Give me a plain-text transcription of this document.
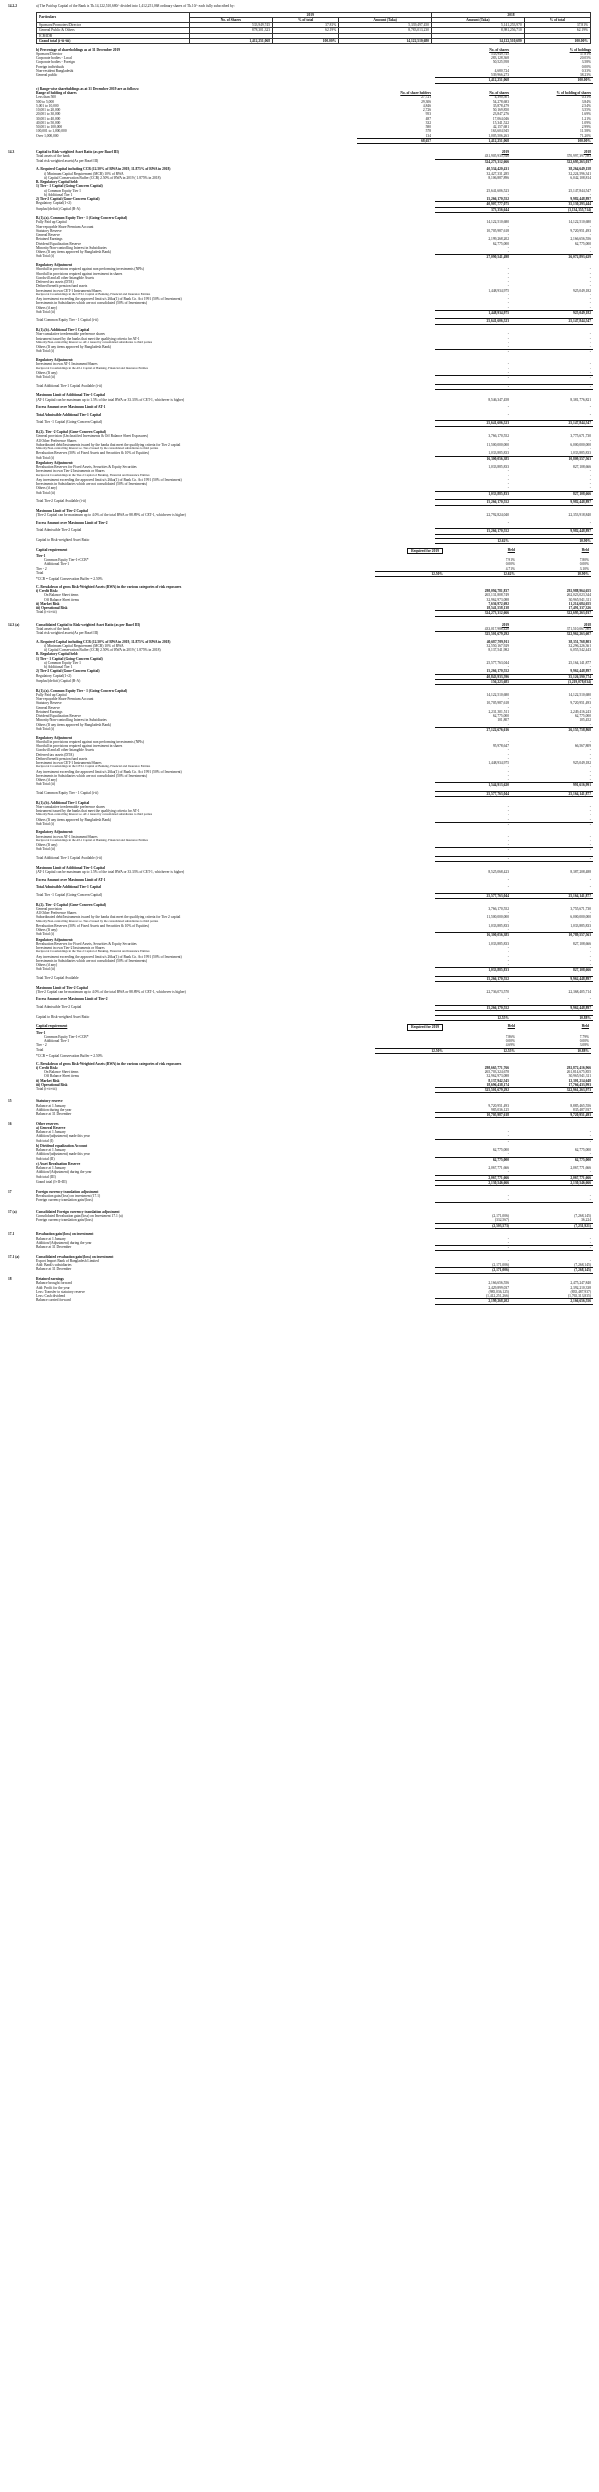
14.2.2	a) The Paid up Capital of the Bank is Tk.14,122,510,680/- divided into 1,412,251,068 ordinary shares of Tk.10/- each fully subscribed by:
Particulars	2019			2018	
	No. of Shares	% of total	Amount (Taka)	Amount (Taka)	% of total
Sponsors/Promoters/Director	533,949,745	37.81%	5,339,497,450	5,141,253,970	37.81%
General Public & Others	878,301,323	62.19%	8,783,013,230	8,981,256,710	62.19%
ICB/IDB					
Grand total (i+ii+iii)	1,412,251,068	100.00%	14,122,510,680	14,122,510,680	100.00%
b) Percentage of shareholdings as at 31 December 2019	No. of shares	% of holdings
Sponsors/Director	533,949,745	37.81%
Corporate bodies - Local	283,128,368	20.05%
Corporate bodies - Foreign	50,525,958	3.58%
Foreign individuals	-	0.00%
Non-resident Bangladeshi	4,680,724	0.33%
General public	539,966,273	38.23%
1,412,251,068	100.00%
c) Range-wise shareholdings as at 31 December 2019 are as follows:
Range of holding of shares	No. of share holders	No. of shares	% of holding of shares
Less than 500	27,721	4,390,501	0.31%
500 to 5,000	29,306	54,278,683	3.84%
5,001 to 10,000	4,846	35,878,479	2.54%
10,001 to 20,000	2,726	50,169,850	3.55%
20,001 to 30,000	953	23,847,276	1.69%
30,001 to 40,000	487	17,064,046	1.21%
40,001 to 50,000	332	15,341,522	1.09%
50,001 to 100,000	580	42,157,681	2.99%
100,001 to 1,000,000	578	163,604,945	11.58%
Over 1,000,000	134	1,005,506,263	71.20%
68,657	1,412,251,068	100.00%
14.3	Capital to Risk-weighted Asset Ratio (as per Basel III)	2019	2018
Total assets of the bank	431,905,935,546	370,997,397,583
Total risk weighted assets(As per Basel III)	324,273,312,666	322,695,263,037
A. Required Capital including CCB (12.50% of RWA in 2019, 11.875% of RWA in 2018)	40,534,420,431	38,264,649,158
i) Minimum Capital Requirement (MCR) 10% of RWA	32,427,331,285	32,224,596,341
ii) Capital Conservation Buffer (CCB) 2.50% of RWA in 2019 ( 1.875% in 2018)	8,106,887,896	6,042,108,814
B. Regulatory Capital held:
1) Tier - 1 Capital (Going-Concern Capital)
a) Common Equity Tier 1	25,641,606,523	25,147,844,547
b) Additional Tier 1	-	-
2) Tier-2 Capital (Gone-Concern Capital)	15,266,170,552	9,982,448,897
Regulatory Capital(1+2)	40,907,777,075	35,130,293,444
Surplus/(deficit) Capital (B-A)	373,356,644	(3,134,355,714)
B.(1).(a). Common Equity Tier - 1 (Going-Concern Capital)
Fully Paid up Capital	14,122,510,680	14,122,510,680
Non-repayable Share Premium Account	-	-
Statutory Reserve	10,705,987,618	9,720,951,493
General Reserve	-	-
Retained Earnings	2,199,268,202	2,166,656,556
Dividend Equalization Reserve	62,775,000	62,775,000
Minority/Non-controlling Interest in Subsidiaries	-	-
Others (If any items approved by Bangladesh Bank)	-	-
Sub Total (i)	27,090,541,498	26,072,893,629
Regulatory Adjustment
Shortfall in provisions required against non performing investments (NPIs)	-	-
Shortfall in provisions required against investment in shares	-	-
Goodwill and all other Intangible Assets	-	-
Deferred tax assets (DTA)	-	-
Defined benefit pension fund assets	-	-
Investment in own CET-1 Instruments/Shares	1,448,934,975	925,049,182
Reciprocal Crossholdings in the CET-1 Capital of Banking, Financial and Insurance Entities	-	-
Any investment exceeding the approved limit u/s 26ka(1) of Bank Co. Act 1991 (50% of Investment)	-	-
Investments in Subsidiaries which are not consolidated (50% of Investments)	-	-
Others (if any)	-	-
Sub Total (ii)	1,448,934,975	925,049,182
Total Common Equity Tier - 1 Capital (i-ii)	25,641,606,523	25,147,844,547
B.(1).(b). Additional Tier-1 Capital
Non-cumulative irredeemable preference shares	-	-
Instrument issued by the banks that meet the qualifying criteria for AT-1	-	-
Minority/Non-controlling Interest i.e. AT-1 issued by consolidated subsidiaries to third parties	-	-
Others (If any items approved by Bangladesh Bank)	-	-
Sub Total (i)	-	-
Regulatory Adjustment:
Investment in own AT-1 Instrument/Shares	-	-
Reciprocal Crossholdings in the AT-1 Capital of Banking, Financial and Insurance Entities	-	-
Others (If any)	-	-
Sub Total (ii)	-	-
Total Additional Tier-1 Capital Available (i-ii)	-	-
Maximum Limit of Additional Tier-1 Capital
(AT-1 Capital can be maximum up to 1.5% of the total RWA or 33.33% of CET-1, whichever is higher)	8,546,347,458	8,381,776,821
Excess Amount over Maximum Limit of AT-1	-	-
Total Admissible Additional Tier-1 Capital	-	-
Total Tier -1 Capital (Going-Concern Capital)	25,641,606,523	25,147,844,547
B.(2). Tier -2 Capital (Gone-Concern Capital)
General provision (Unclassified Investments & Off Balance Sheet Exposures)	3,766,170,552	3,775,671,730
All Other Preference Shares	-	-
Subordinated debt/Instruments issued by the banks that meet the qualifying criteria for Tier 2 capital	11,500,000,000	6,000,000,000
Minority/Non-controlling Interest i.e. Tier-2 issued by the consolidated subsidiaries to third parties	-	-
Revaluation Reserves (50% of Fixed Assets and Securities & 10% of Equities)	1,033,885,833	1,033,885,833
Sub Total (i)	16,300,056,385	10,809,557,563
Regulatory Adjustment:
Revaluation Reserves for Fixed Assets, Securities & Equity Securities	1,033,885,833	827,108,666
Investment in own Tier-2 Instruments or Shares	-	-
Reciprocal Crossholdings in the Tier-2 Capital of Banking, Financial and Insurance Entities	-	-
Any investment exceeding the approved limit u/s 26ka(1) of Bank Co. Act 1991 (50% of Investment)	-	-
Investments in Subsidiaries which are not consolidated (50% of Investments)	-	-
Others (if any)	-	-
Sub Total (ii)	1,033,885,833	827,108,666
Total Tier-2 Capital Available (i-ii)	15,266,170,552	9,982,448,897
Maximum Limit of Tier-2 Capital
(Tier-2 Capital can be maximum up to 4.0% of the total RWA or 88.89% of CET-1, whichever is higher)	22,792,824,040	22,353,918,840
Excess Amount over Maximum Limit of Tier-2	-	-
Total Admissible Tier-2 Capital	15,266,170,552	9,982,448,897
Capital to Risk-weighted Asset Ratio	12.62%	10.90%
Capital requirement	Required for 2019	Held	Held
Tier-1
Common Equity Tier-1+CCB*	7.91%	7.80%
Additional Tier-1	0.00%	0.00%
Tier - 2	4.71%	3.10%
Total	12.50%	12.62%	10.90%
*CCB = Capital Conservation Buffer = 2.50%
C. Breakdown of gross Risk-Weighted Assets (RWA) in the various categories of risk exposures
i) Credit Risk:	298,094,781,837	292,988,964,655
On Balance Sheet items	265,131,808,749	262,023,023,344
Off Balance Sheet items	32,962,973,088	30,965,941,311
ii) Market Risk	7,636,972,692	11,214,684,655
iii) Operational Risk	18,541,558,138	17,491,337,326
Total (i+ii+iii)	324,273,312,666	322,695,263,037
14.3 (a)	Consolidated Capital to Risk-weighted Asset Ratio (as per Basel III)	2019	2018
Total assets of the bank	433,017,986,420	371,510,067,505
Total risk weighted assets(As per Basel III)	325,501,679,292	322,962,263,607
A. Required Capital including CCB (12.50% of RWA in 2019, 11.875% of RWA in 2018)	40,687,709,911	38,351,768,803
i) Minimum Capital Requirement (MCR) 10% of RWA	32,550,167,929	32,296,226,361
ii) Capital Conservation Buffer (CCB) 2.50% of RWA in 2019 ( 1.875% in 2018)	8,137,541,982	6,055,542,443
B. Regulatory Capital held:
1) Tier - 1 Capital (Going-Concern Capital)
a) Common Equity Tier 1	25,577,763,044	25,164,141,877
b) Additional Tier 1	-	-
2) Tier-2 Capital (Gone-Concern Capital)	15,266,170,552	9,962,448,897
Regulatory Capital(1+2)	40,843,933,596	35,126,590,774
Surplus/(deficit) Capital (B-A)	156,223,685	(3,219,078,034)
B.(1).(a). Common Equity Tier - 1 (Going-Concern Capital)
Fully Paid up Capital	14,122,510,680	14,122,510,680
Non-repayable Share Premium Account	-	-
Statutory Reserve	10,705,987,618	9,720,951,493
General Reserve	-	-
Retained Earnings	2,231,301,511	2,249,416,243
Dividend Equalization Reserve	62,775,000	62,775,000
Minority/Non-controlling Interest in Subsidiaries	101,807	105,452
Others (If any items approved by Bangladesh Bank)	-	-
Sub Total (i)	27,122,676,616	26,155,758,868
Regulatory Adjustment
Shortfall in provisions required against non performing investments (NPIs)	-	-
Shortfall in provisions required against investment in shares	95,978,647	66,567,809
Goodwill and all other Intangible Assets	-	-
Deferred tax assets (DTA)	-	-
Defined benefit pension fund assets	-	-
Investment in own CET-1 Instruments/Shares	1,448,934,975	925,049,182
Reciprocal Crossholdings in the CET-1 Capital of Banking, Financial and Insurance Entities	-	-
Any investment exceeding the approved limit u/s 26ka(1) of Bank Co. Act 1991 (50% of Investment)	-	-
Investments in Subsidiaries which are not consolidated (50% of Investments)	-	-
Others (if any)	-	-
Sub Total (ii)	1,544,913,620	991,616,991
Total Common Equity Tier - 1 Capital (i-ii)	25,577,763,044	25,164,141,877
B.(1).(b). Additional Tier-1 Capital
Non-cumulative irredeemable preference shares	-	-
Instrument issued by the banks that meet the qualifying criteria for AT-1	-	-
Minority/Non-controlling Interest i.e. AT-1 issued by consolidated subsidiaries to third parties	-	-
Others (If any items approved by Bangladesh Bank)	-	-
Sub Total (i)	-	-
Regulatory Adjustment:
Investment in own AT-1 Instrument/Shares	-	-
Reciprocal Crossholdings in the AT-1 Capital of Banking, Financial and Insurance Entities	-	-
Others (If any)	-	-
Sub Total (ii)	-	-
Total Additional Tier-1 Capital Available (i-ii)	-	-
Maximum Limit of Additional Tier-1 Capital
(AT-1 Capital can be maximum up to 1.5% of the total RWA or 33.33% of CET-1, whichever is higher)	8,525,068,423	8,387,208,488
Excess Amount over Maximum Limit of AT-1	-	-
Total Admissible Additional Tier-1 Capital	-	-
Total Tier -1 Capital (Going-Concern Capital)	25,577,763,044	25,164,141,877
B.(2). Tier -2 Capital (Gone-Concern Capital)
General provision	3,766,170,552	3,755,671,730
All Other Preference Shares	-	-
Subordinated debt/Instruments issued by the banks that meet the qualifying criteria for Tier 2 capital	11,500,000,000	6,000,000,000
Minority/Non-controlling Interest i.e. Tier-2 issued by the consolidated subsidiaries to third parties	-	-
Revaluation Reserves (50% of Fixed Assets and Securities & 10% of Equities)	1,033,885,833	1,033,885,833
Others (If any)	-	-
Sub Total (i)	16,300,056,385	10,789,557,563
Regulatory Adjustment:
Revaluation Reserves for Fixed Assets, Securities & Equity Securities	1,033,885,833	827,108,666
Investment in own Tier-2 Instruments or Shares	-	-
Reciprocal Crossholdings in the Tier-2 Capital of Banking, Financial and Insurance Entities	-	-
Any investment exceeding the approved limit u/s 26ka(1) of Bank Co. Act 1991 (50% of Investment)	-	-
Investments in Subsidiaries which are not consolidated (50% of Investments)	-	-
Others (if any)	-	-
Sub Total (ii)	1,033,885,833	827,108,666
Total Tier-2 Capital Available	15,266,170,552	9,962,448,897
Maximum Limit of Tier-2 Capital
(Tier-2 Capital can be maximum up to 4.0% of the total RWA or 88.89% of CET-1, whichever is higher)	22,736,073,570	22,368,405,714
Excess Amount over Maximum Limit of Tier-2	-	-
Total Admissible Tier-2 Capital	15,266,170,552	9,962,448,897
Capital to Risk-weighted Asset Ratio	12.55%	10.88%
Capital requirement	Required for 2019	Held	Held
Tier-1
Common Equity Tier-1+CCB*	7.86%	7.79%
Additional Tier-1	0.00%	0.00%
Tier - 2	4.69%	3.08%
Total	12.50%	12.55%	10.88%
*CCB = Capital Conservation Buffer = 2.50%
C. Breakdown of gross Risk-Weighted Assets (RWA) in the various categories of risk exposures
i) Credit Risk:	298,665,771,766	292,872,416,966
On Balance Sheet items	265,703,324,678	261,814,675,855
Off Balance Sheet items	32,962,973,088	30,965,941,311
ii) Market Risk	8,137,942,545	12,301,214,648
iii) Operational Risk	18,696,438,174	17,766,433,993
Total (i+ii+iii)	325,501,679,292	322,961,263,973
15	Statutory reserve
Balance at 1 January	9,720,951,493	8,885,465,556
Addition during the year	985,036,125	835,487,937
Balance at 31 December	10,705,987,618	9,720,951,493
16	Other reserves
a) General Reserve
Balance at 1 January	-	-
Addition/(adjustment) made this year	-	-
Sub total (I)	-	-
b) Dividend equalization Account
Balance at 1 January	62,775,000	62,775,000
Addition/(adjustment) made this year	-	-
Sub total (II)	62,775,000	62,775,000
c) Asset Revaluation Reserve
Balance at 1 January	2,067,771,666	2,067,771,666
Addition/(Adjustment) during the year	-	-
Sub total (III)	2,067,771,666	2,067,771,666
Grand total (I+II+III)	2,130,546,666	2,130,546,666
17	Foreign currency translation adjustment
Revaluation gain/(loss) on investment (17.1)	-	-
Foreign currency translation gain/(loss)	-	-
17 (a)	Consolidated Foreign currency translation adjustment
Consolidated Revaluation gain/(loss) on Investment 17.1 (a)	(2,171,006)	(7,268,145)
Foreign currency translation gain/(loss)	(332,567)	36,224
(2,503,573)	(7,231,921)
17.1	Revaluation gain/(loss) on investment
Balance at 1 January	-	-
Addition/(Adjustment) during the year	-	-
Balance at 31 December	-	-
17.1 (a)	Consolidated revaluation gain/(loss) on investment
Export Import Bank of Bangladesh Limited	-	-
Add: Bank's subsidiaries	(2,171,006)	(7,268,145)
Balance at 31 December	(2,171,006)	(7,268,145)
18	Retained earnings
Balance brought forward	2,166,656,556	2,475,247,840
Add: Profit for the year	2,429,899,037	2,392,210,338
Less: Transfer to statutory reserve	(985,036,125)	(835,487,937)
Less: Cash dividend	(1,412,251,266)	(1,765,313,835)
Balance carried forward	2,199,268,202	2,166,656,556
